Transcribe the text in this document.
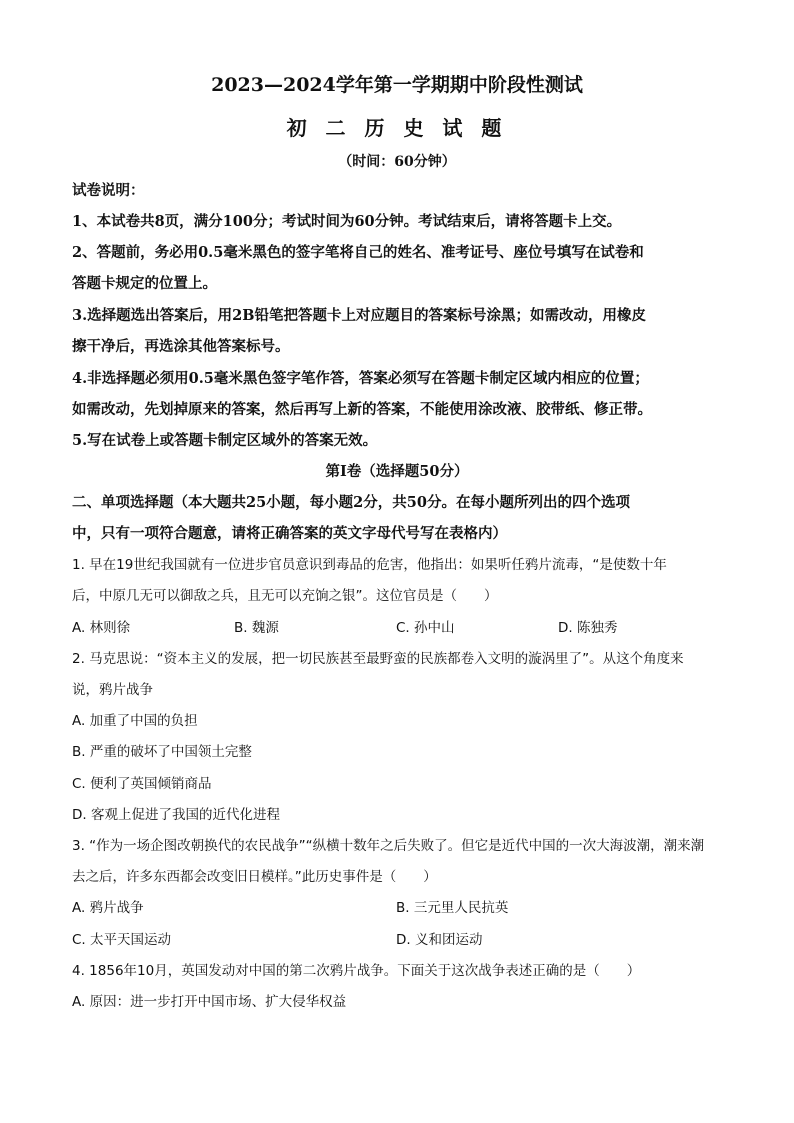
2023—2024学年第一学期期中阶段性测试
初 二 历 史 试 题
（时间：60分钟）
试卷说明：
1、本试卷共8页，满分100分；考试时间为60分钟。考试结束后，请将答题卡上交。
2、答题前，务必用0.5毫米黑色的签字笔将自己的姓名、准考证号、座位号填写在试卷和
答题卡规定的位置上。
3.选择题选出答案后，用2B铅笔把答题卡上对应题目的答案标号涂黑；如需改动，用橡皮
擦干净后，再选涂其他答案标号。
4.非选择题必须用0.5毫米黑色签字笔作答，答案必须写在答题卡制定区域内相应的位置；
如需改动，先划掉原来的答案，然后再写上新的答案，不能使用涂改液、胶带纸、修正带。
5.写在试卷上或答题卡制定区域外的答案无效。
第Ⅰ卷（选择题50分）
二、单项选择题（本大题共25小题，每小题2分，共50分。在每小题所列出的四个选项
中，只有一项符合题意，请将正确答案的英文字母代号写在表格内）
1. 早在19世纪我国就有一位进步官员意识到毒品的危害，他指出：如果听任鸦片流毒，“是使数十年
后，中原几无可以御敌之兵，且无可以充饷之银”。这位官员是（　　）
A. 林则徐	B. 魏源	C. 孙中山	D. 陈独秀
2. 马克思说：“资本主义的发展，把一切民族甚至最野蛮的民族都卷入文明的漩涡里了”。从这个角度来
说，鸦片战争
A. 加重了中国的负担
B. 严重的破坏了中国领土完整
C. 便利了英国倾销商品
D. 客观上促进了我国的近代化进程
3. “作为一场企图改朝换代的农民战争”“纵横十数年之后失败了。但它是近代中国的一次大海波潮，潮来潮
去之后，许多东西都会改变旧日模样。”此历史事件是（　　）
A. 鸦片战争	B. 三元里人民抗英
C. 太平天国运动	D. 义和团运动
4. 1856年10月，英国发动对中国的第二次鸦片战争。下面关于这次战争表述正确的是（　　）
A. 原因：进一步打开中国市场、扩大侵华权益
